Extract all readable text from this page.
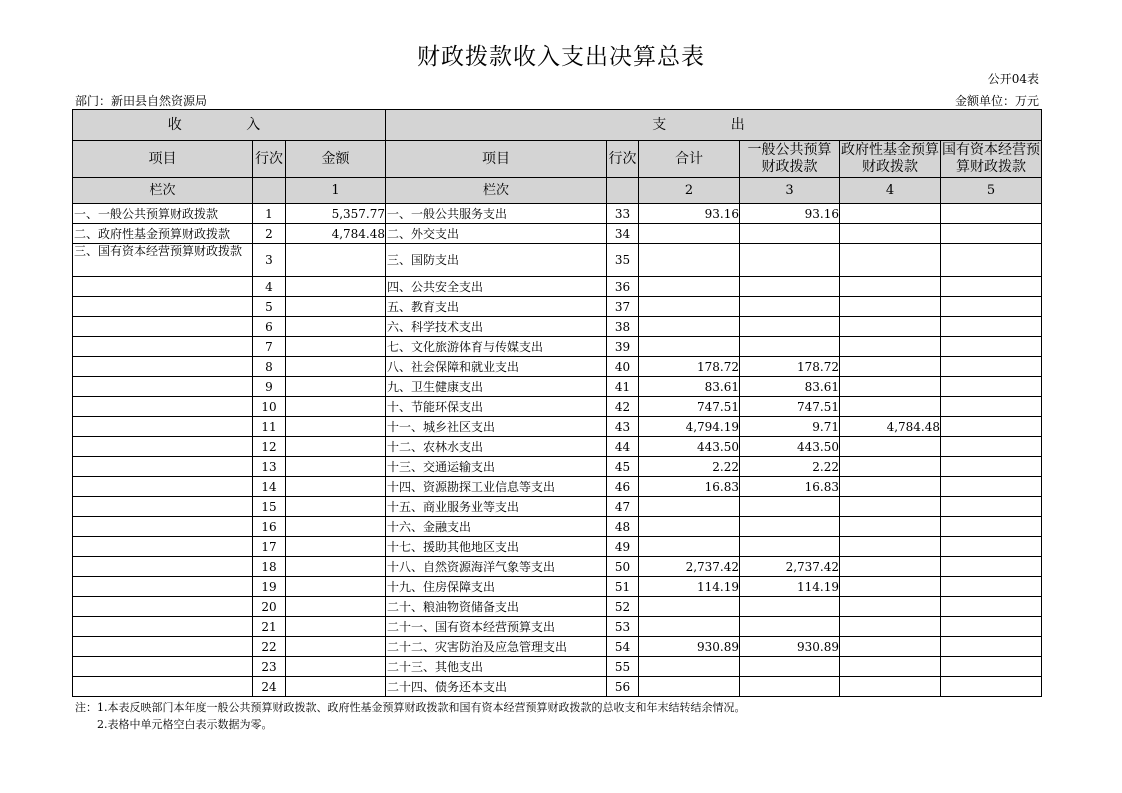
财政拨款收入支出决算总表
公开04表
部门：新田县自然资源局	金额单位：万元
收 入			支 出					
项目	行次	金额	项目	行次	合计	一般公共预算财政拨款	政府性基金预算财政拨款	国有资本经营预算财政拨款
栏次		1	栏次		2	3	4	5
一、一般公共预算财政拨款	1	5,357.77	一、一般公共服务支出	33	93.16	93.16		
二、政府性基金预算财政拨款	2	4,784.48	二、外交支出	34				
三、国有资本经营预算财政拨款	3		三、国防支出	35				
	4		四、公共安全支出	36				
	5		五、教育支出	37				
	6		六、科学技术支出	38				
	7		七、文化旅游体育与传媒支出	39				
	8		八、社会保障和就业支出	40	178.72	178.72		
	9		九、卫生健康支出	41	83.61	83.61		
	10		十、节能环保支出	42	747.51	747.51		
	11		十一、城乡社区支出	43	4,794.19	9.71	4,784.48	
	12		十二、农林水支出	44	443.50	443.50		
	13		十三、交通运输支出	45	2.22	2.22		
	14		十四、资源勘探工业信息等支出	46	16.83	16.83		
	15		十五、商业服务业等支出	47				
	16		十六、金融支出	48				
	17		十七、援助其他地区支出	49				
	18		十八、自然资源海洋气象等支出	50	2,737.42	2,737.42		
	19		十九、住房保障支出	51	114.19	114.19		
	20		二十、粮油物资储备支出	52				
	21		二十一、国有资本经营预算支出	53				
	22		二十二、灾害防治及应急管理支出	54	930.89	930.89		
	23		二十三、其他支出	55				
	24		二十四、债务还本支出	56				
注：1.本表反映部门本年度一般公共预算财政拨款、政府性基金预算财政拨款和国有资本经营预算财政拨款的总收支和年末结转结余情况。
2.表格中单元格空白表示数据为零。
